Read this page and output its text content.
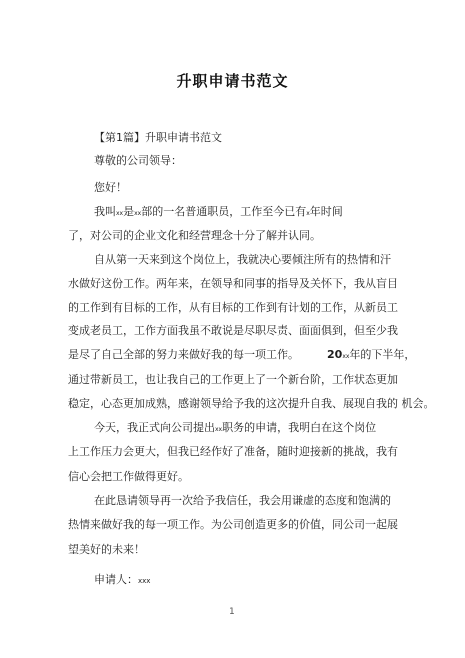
升职申请书范文
【第1篇】升职申请书范文
尊敬的公司领导：
您好！
我叫xx是xx部的一名普通职员，工作至今已有x年时间
了，对公司的企业文化和经营理念十分了解并认同。
自从第一天来到这个岗位上，我就决心要倾注所有的热情和汗
水做好这份工作。两年来，在领导和同事的指导及关怀下，我从盲目
的工作到有目标的工作，从有目标的工作到有计划的工作，从新员工
变成老员工，工作方面我虽不敢说是尽职尽责、面面俱到，但至少我
是尽了自己全部的努力来做好我的每一项工作。	20xx年的下半年，
通过带新员工，也让我自己的工作更上了一个新台阶，工作状态更加
稳定，心态更加成熟，感谢领导给予我的这次提升自我、展现自我的 机会。
今天，我正式向公司提出xx职务的申请，我明白在这个岗位
上工作压力会更大，但我已经作好了准备，随时迎接新的挑战，我有
信心会把工作做得更好。
在此恳请领导再一次给予我信任，我会用谦虚的态度和饱满的
热情来做好我的每一项工作。为公司创造更多的价值，同公司一起展
望美好的未来！
申请人：xxx
1
